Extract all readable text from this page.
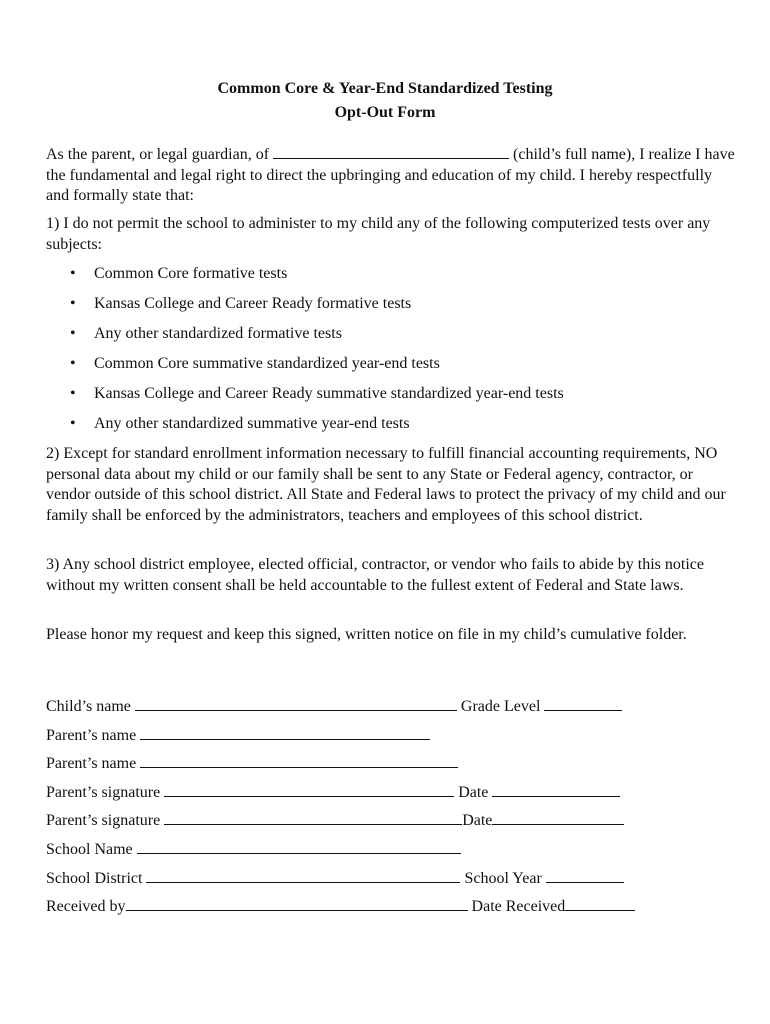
Common Core & Year-End Standardized Testing
Opt-Out Form
As the parent, or legal guardian, of	(child’s full name), I realize I have the fundamental and legal right to direct the upbringing and education of my child. I hereby respectfully and formally state that:
1) I do not permit the school to administer to my child any of the following computerized tests over any subjects:
• Common Core formative tests
• Kansas College and Career Ready formative tests
• Any other standardized formative tests
• Common Core summative standardized year-end tests
• Kansas College and Career Ready summative standardized year-end tests
• Any other standardized summative year-end tests
2) Except for standard enrollment information necessary to fulfill financial accounting requirements, NO personal data about my child or our family shall be sent to any State or Federal agency, contractor, or vendor outside of this school district. All State and Federal laws to protect the privacy of my child and our family shall be enforced by the administrators, teachers and employees of this school district.
3) Any school district employee, elected official, contractor, or vendor who fails to abide by this notice without my written consent shall be held accountable to the fullest extent of Federal and State laws.
Please honor my request and keep this signed, written notice on file in my child’s cumulative folder.
Child’s name	Grade Level
Parent’s name
Parent’s name
Parent’s signature	Date
Parent’s signature	Date
School Name
School District	School Year
Received by	Date Received
